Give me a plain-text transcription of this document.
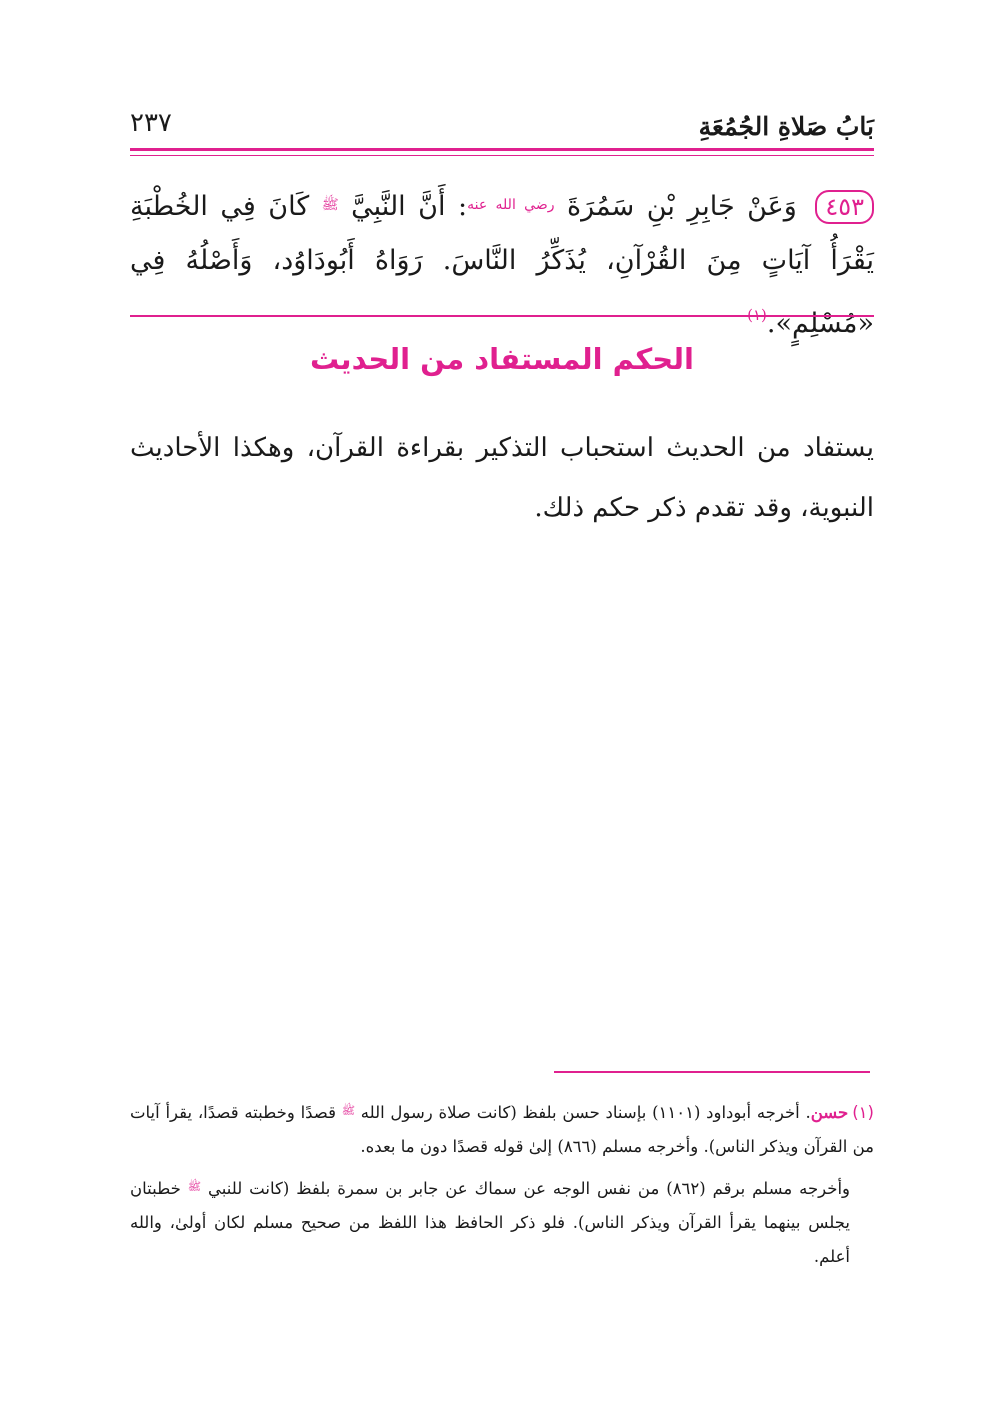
٢٣٧	بَابُ صَلاةِ الجُمُعَةِ
٤٥٣ وَعَنْ جَابِرِ بْنِ سَمُرَةَ $^{رضي الله عنه}$: أَنَّ النَّبِيَّ $^ﷺ$ كَانَ فِي الخُطْبَةِ يَقْرَأُ آيَاتٍ مِنَ القُرْآنِ، يُذَكِّرُ النَّاسَ. رَوَاهُ أَبُودَاوُد، وَأَصْلُهُ فِي «مُسْلِمٍ».$^{(١)}$
الحكم المستفاد من الحديث
يستفاد من الحديث استحباب التذكير بقراءة القرآن، وهكذا الأحاديث النبوية، وقد تقدم ذكر حكم ذلك.

(١)حسن. أخرجه أبوداود (١١٠١) بإسناد حسن بلفظ (كانت صلاة رسول الله $^ﷺ$ قصدًا وخطبته قصدًا، يقرأ آيات من القرآن ويذكر الناس). وأخرجه مسلم (٨٦٦) إلىٰ قوله قصدًا دون ما بعده.

وأخرجه مسلم برقم (٨٦٢) من نفس الوجه عن سماك عن جابر بن سمرة بلفظ (كانت للنبي $^ﷺ$ خطبتان يجلس بينهما يقرأ القرآن ويذكر الناس). فلو ذكر الحافظ هذا اللفظ من صحيح مسلم لكان أولىٰ، والله أعلم.
